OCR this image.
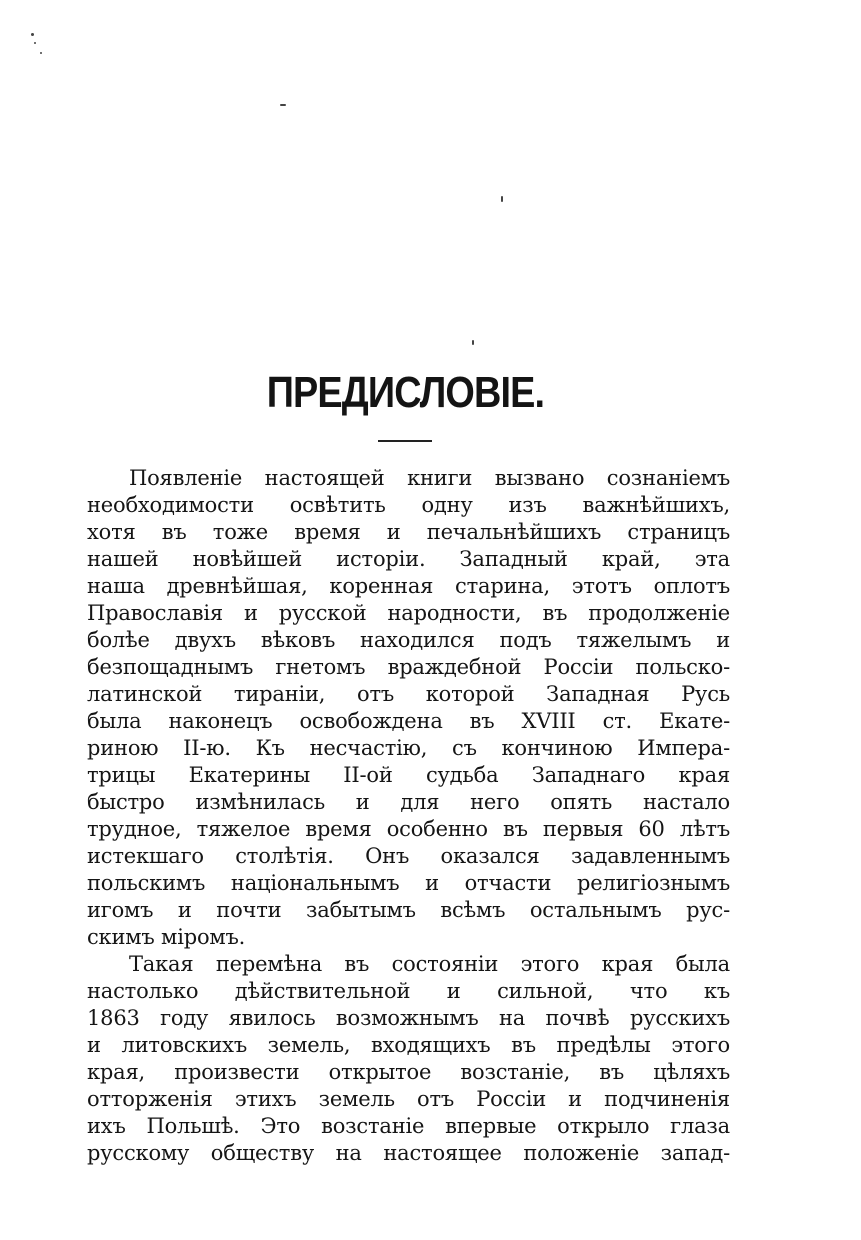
ПРЕДИСЛОВІЕ.
Появленіе настоящей книги вызвано сознаніемъ
необходимости освѣтить одну изъ важнѣйшихъ,
хотя въ тоже время и печальнѣйшихъ страницъ
нашей новѣйшей исторіи. Западный край, эта
наша древнѣйшая, коренная старина, этотъ оплотъ
Православія и русской народности, въ продолженіе
болѣе двухъ вѣковъ находился подъ тяжелымъ и
безпощаднымъ гнетомъ враждебной Россіи польско-
латинской тираніи, отъ которой Западная Русь
была наконецъ освобождена въ XVIII ст. Екате-
риною II-ю. Къ несчастію, съ кончиною Импера-
трицы Екатерины II-ой судьба Западнаго края
быстро измѣнилась и для него опять настало
трудное, тяжелое время особенно въ первыя 60 лѣтъ
истекшаго столѣтія. Онъ оказался задавленнымъ
польскимъ національнымъ и отчасти религіознымъ
игомъ и почти забытымъ всѣмъ остальнымъ рус-
скимъ міромъ.
Такая перемѣна въ состояніи этого края была
настолько дѣйствительной и сильной, что къ
1863 году явилось возможнымъ на почвѣ русскихъ
и литовскихъ земель, входящихъ въ предѣлы этого
края, произвести открытое возстаніе, въ цѣляхъ
отторженія этихъ земель отъ Россіи и подчиненія
ихъ Польшѣ. Это возстаніе впервые открыло глаза
русскому обществу на настоящее положеніе запад-
